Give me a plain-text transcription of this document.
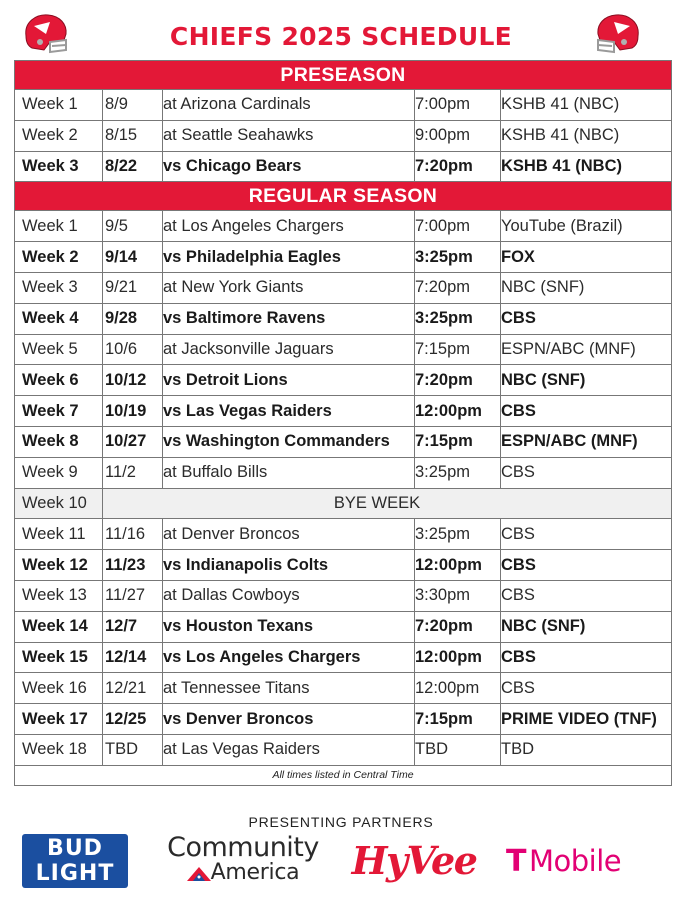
CHIEFS 2025 SCHEDULE
PRESEASON				
Week 1	8/9	at Arizona Cardinals	7:00pm	KSHB 41 (NBC)
Week 2	8/15	at Seattle Seahawks	9:00pm	KSHB 41 (NBC)
Week 3	8/22	vs Chicago Bears	7:20pm	KSHB 41 (NBC)
REGULAR SEASON				
Week 1	9/5	at Los Angeles Chargers	7:00pm	YouTube (Brazil)
Week 2	9/14	vs Philadelphia Eagles	3:25pm	FOX
Week 3	9/21	at New York Giants	7:20pm	NBC (SNF)
Week 4	9/28	vs Baltimore Ravens	3:25pm	CBS
Week 5	10/6	at Jacksonville Jaguars	7:15pm	ESPN/ABC (MNF)
Week 6	10/12	vs Detroit Lions	7:20pm	NBC (SNF)
Week 7	10/19	vs Las Vegas Raiders	12:00pm	CBS
Week 8	10/27	vs Washington Commanders	7:15pm	ESPN/ABC (MNF)
Week 9	11/2	at Buffalo Bills	3:25pm	CBS
Week 10	BYE WEEK			
Week 11	11/16	at Denver Broncos	3:25pm	CBS
Week 12	11/23	vs Indianapolis Colts	12:00pm	CBS
Week 13	11/27	at Dallas Cowboys	3:30pm	CBS
Week 14	12/7	vs Houston Texans	7:20pm	NBC (SNF)
Week 15	12/14	vs Los Angeles Chargers	12:00pm	CBS
Week 16	12/21	at Tennessee Titans	12:00pm	CBS
Week 17	12/25	vs Denver Broncos	7:15pm	PRIME VIDEO (TNF)
Week 18	TBD	at Las Vegas Raiders	TBD	TBD
All times listed in Central Time				
PRESENTING PARTNERS
BUD
LIGHT
Community
America	HyVee T Mobile
